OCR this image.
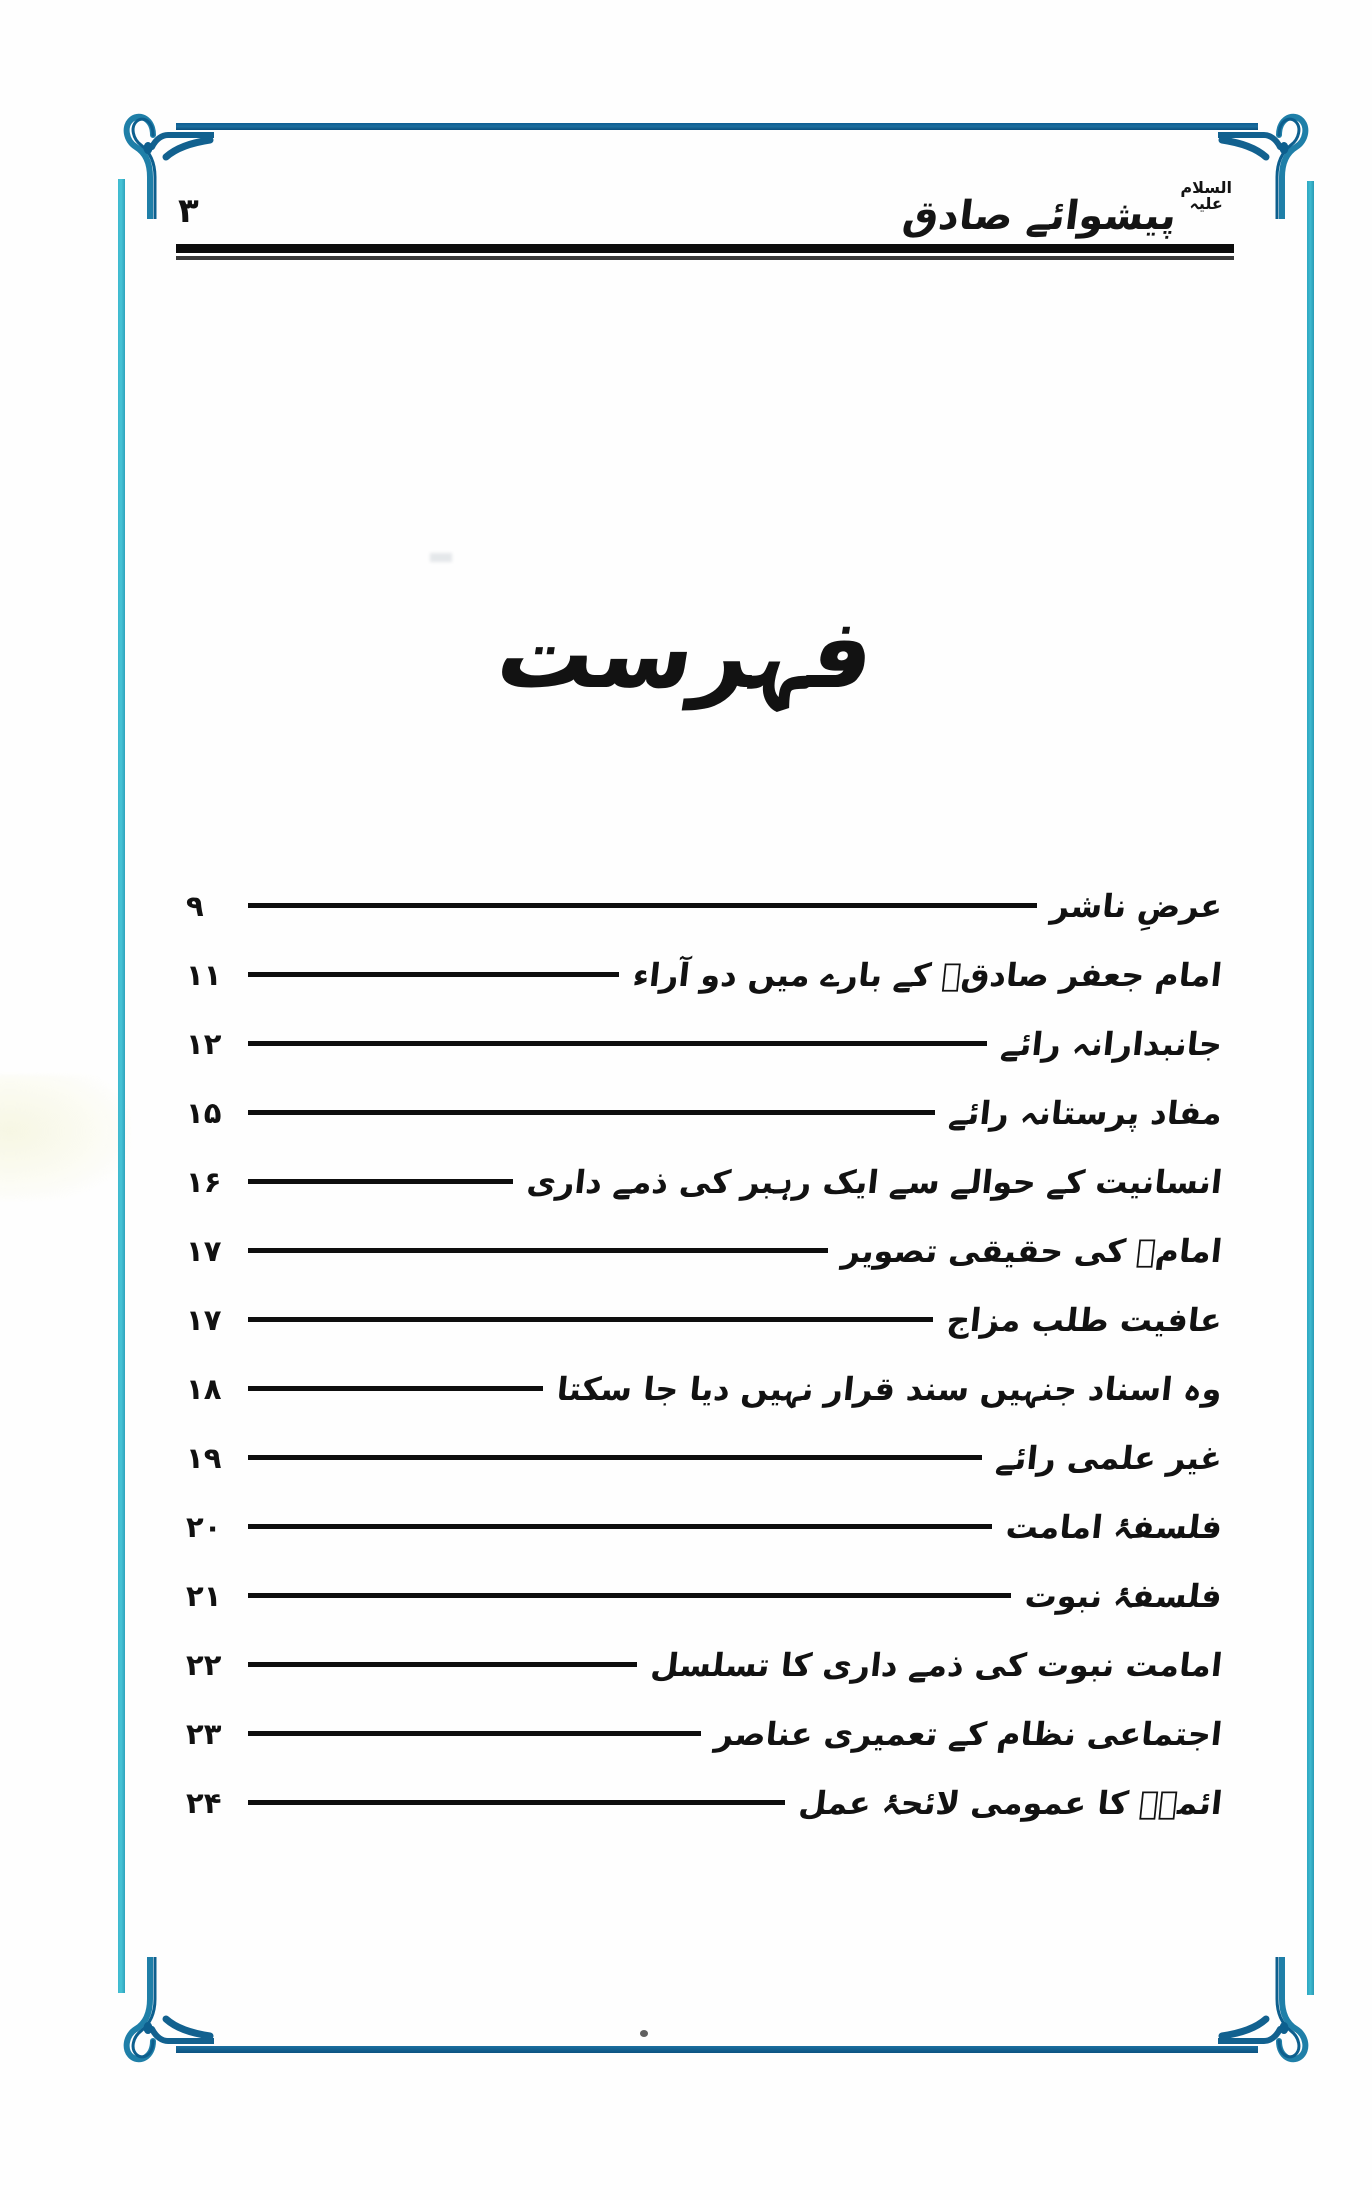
۳
السلام
علیہ
پیشوائے صادق
فہرست
۹	عرضِ ناشر
۱۱	امام جعفر صادقؑ کے بارے میں دو آراء
۱۲	جانبدارانہ رائے
۱۵	مفاد پرستانہ رائے
۱۶	انسانیت کے حوالے سے ایک رہبر کی ذمے داری
۱۷	امامؑ کی حقیقی تصویر
۱۷	عافیت طلب مزاج
۱۸	وہ اسناد جنہیں سند قرار نہیں دیا جا سکتا
۱۹	غیر علمی رائے
۲۰	فلسفۂ امامت
۲۱	فلسفۂ نبوت
۲۲	امامت نبوت کی ذمے داری کا تسلسل
۲۳	اجتماعی نظام کے تعمیری عناصر
۲۴	ائمہؑ کا عمومی لائحۂ عمل
